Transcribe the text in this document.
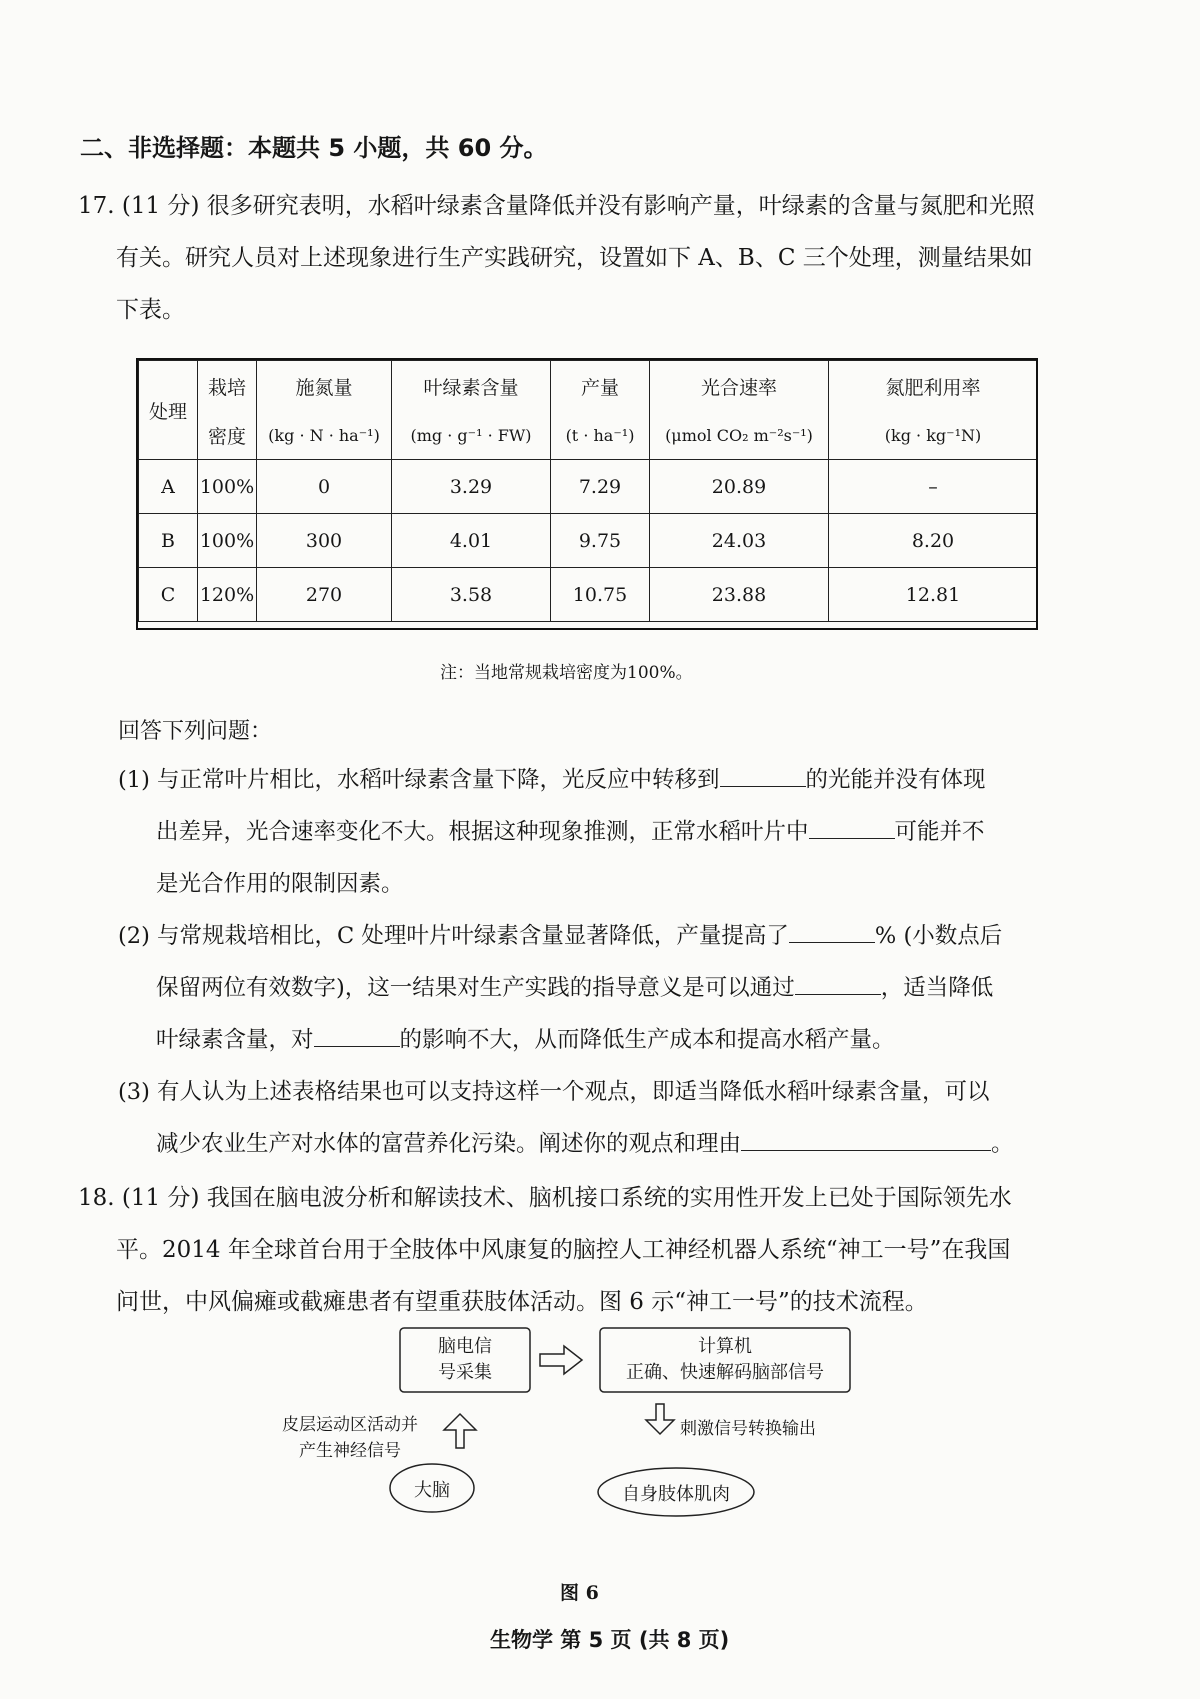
二、非选择题：本题共 5 小题，共 60 分。
17. (11 分) 很多研究表明，水稻叶绿素含量降低并没有影响产量，叶绿素的含量与氮肥和光照
有关。研究人员对上述现象进行生产实践研究，设置如下 A、B、C 三个处理，测量结果如
下表。
处理	栽培	施氮量	叶绿素含量	产量	光合速率	氮肥利用率
	密度	(kg · N · ha⁻¹)	(mg · g⁻¹ · FW)	(t · ha⁻¹)	(μmol CO₂ m⁻²s⁻¹)	(kg · kg⁻¹N)
A	100%	0	3.29	7.29	20.89	–
B	100%	300	4.01	9.75	24.03	8.20
C	120%	270	3.58	10.75	23.88	12.81
注：当地常规栽培密度为100%。
回答下列问题：
(1) 与正常叶片相比，水稻叶绿素含量下降，光反应中转移到	的光能并没有体现
出差异，光合速率变化不大。根据这种现象推测，正常水稻叶片中	可能并不
是光合作用的限制因素。
(2) 与常规栽培相比，C 处理叶片叶绿素含量显著降低，产量提高了	% (小数点后
保留两位有效数字)，这一结果对生产实践的指导意义是可以通过	，适当降低
叶绿素含量，对	的影响不大，从而降低生产成本和提高水稻产量。
(3) 有人认为上述表格结果也可以支持这样一个观点，即适当降低水稻叶绿素含量，可以
减少农业生产对水体的富营养化污染。阐述你的观点和理由	。
18. (11 分) 我国在脑电波分析和解读技术、脑机接口系统的实用性开发上已处于国际领先水
平。2014 年全球首台用于全肢体中风康复的脑控人工神经机器人系统“神工一号”在我国
问世，中风偏瘫或截瘫患者有望重获肢体活动。图 6 示“神工一号”的技术流程。
脑电信
号采集
计算机
正确、快速解码脑部信号
皮层运动区活动并
产生神经信号
刺激信号转换输出
大脑	自身肢体肌肉
图 6
生物学 第 5 页 (共 8 页)
